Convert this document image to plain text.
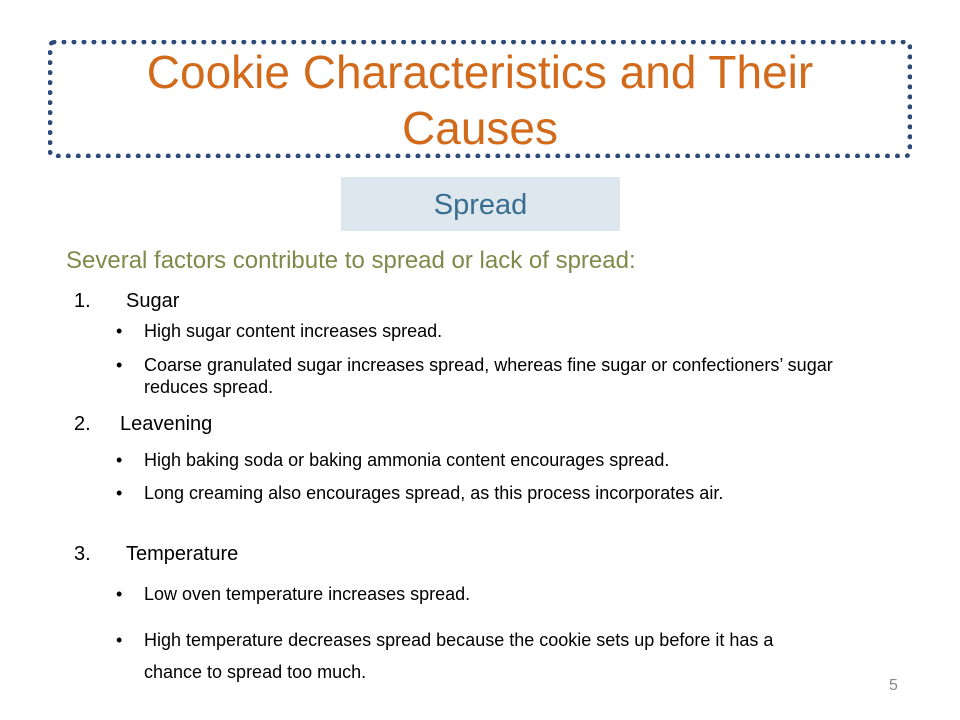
Cookie Characteristics and Their Causes
Spread
Several factors contribute to spread or lack of spread:
1. Sugar
• High sugar content increases spread.
• Coarse granulated sugar increases spread, whereas fine sugar or confectioners’ sugar reduces spread.
2. Leavening
• High baking soda or baking ammonia content encourages spread.
• Long creaming also encourages spread, as this process incorporates air.
3. Temperature
• Low oven temperature increases spread.
• High temperature decreases spread because the cookie sets up before it has a chance to spread too much.
5
